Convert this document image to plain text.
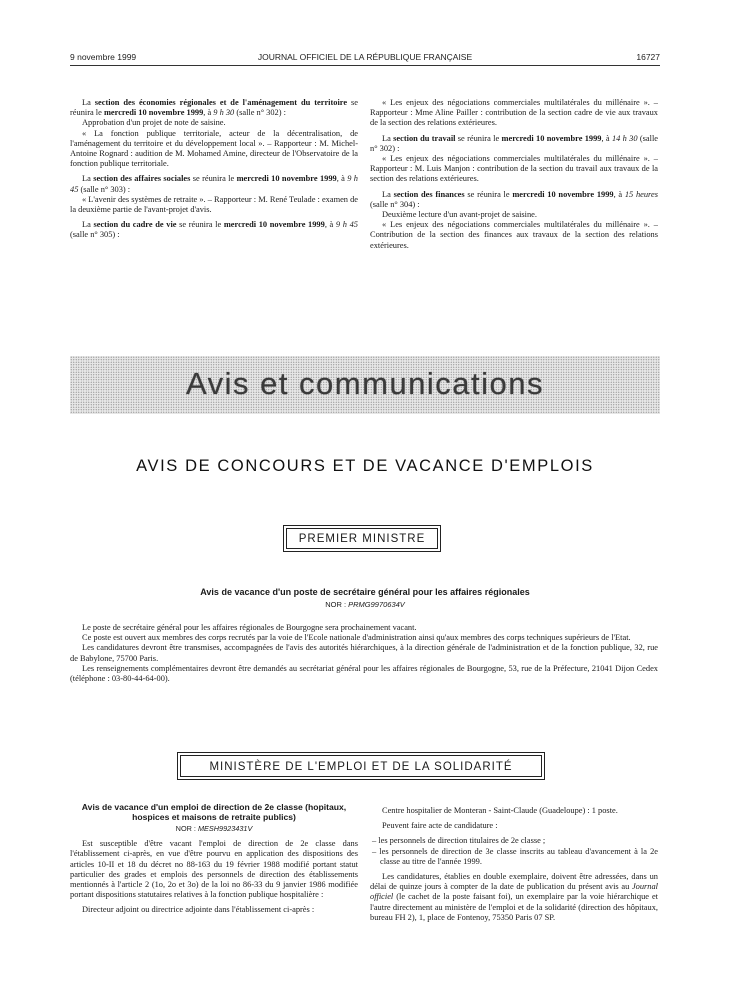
9 novembre 1999	JOURNAL OFFICIEL DE LA RÉPUBLIQUE FRANÇAISE	16727

La section des économies régionales et de l'aménagement du territoire se réunira le mercredi 10 novembre 1999, à 9 h 30 (salle n° 302) :

Approbation d'un projet de note de saisine.

« La fonction publique territoriale, acteur de la décentralisation, de l'aménagement du territoire et du développement local ». – Rapporteur : M. Michel-Antoine Rognard : audition de M. Mohamed Amine, directeur de l'Observatoire de la fonction publique territoriale.

La section des affaires sociales se réunira le mercredi 10 novembre 1999, à 9 h 45 (salle n° 303) :

« L'avenir des systèmes de retraite ». – Rapporteur : M. René Teulade : examen de la deuxième partie de l'avant-projet d'avis.

La section du cadre de vie se réunira le mercredi 10 novembre 1999, à 9 h 45 (salle n° 305) :

« Les enjeux des négociations commerciales multilatérales du millénaire ». – Rapporteur : Mme Aline Pailler : contribution de la section cadre de vie aux travaux de la section des relations extérieures.

La section du travail se réunira le mercredi 10 novembre 1999, à 14 h 30 (salle n° 302) :

« Les enjeux des négociations commerciales multilatérales du millénaire ». – Rapporteur : M. Luis Manjon : contribution de la section du travail aux travaux de la section des relations extérieures.

La section des finances se réunira le mercredi 10 novembre 1999, à 15 heures (salle n° 304) :

Deuxième lecture d'un avant-projet de saisine.

« Les enjeux des négociations commerciales multilatérales du millénaire ». – Contribution de la section des finances aux travaux de la section des relations extérieures.

Avis et communications
AVIS DE CONCOURS ET DE VACANCE D'EMPLOIS
PREMIER MINISTRE
Avis de vacance d'un poste de secrétaire général pour les affaires régionales
NOR : PRMG9970634V

Le poste de secrétaire général pour les affaires régionales de Bourgogne sera prochainement vacant.

Ce poste est ouvert aux membres des corps recrutés par la voie de l'Ecole nationale d'administration ainsi qu'aux membres des corps techniques supérieurs de l'Etat.

Les candidatures devront être transmises, accompagnées de l'avis des autorités hiérarchiques, à la direction générale de l'administration et de la fonction publique, 32, rue de Babylone, 75700 Paris.

Les renseignements complémentaires devront être demandés au secrétariat général pour les affaires régionales de Bourgogne, 53, rue de la Préfecture, 21041 Dijon Cedex (téléphone : 03-80-44-64-00).

MINISTÈRE DE L'EMPLOI ET DE LA SOLIDARITÉ
Avis de vacance d'un emploi de direction de 2e classe (hopitaux, hospices et maisons de retraite publics)
NOR : MESH9923431V

Est susceptible d'être vacant l'emploi de direction de 2e classe dans l'établissement ci-après, en vue d'être pourvu en application des dispositions des articles 10-II et 18 du décret no 88-163 du 19 février 1988 modifié portant statut particulier des grades et emplois des personnels de direction des établissements mentionnés à l'article 2 (1o, 2o et 3o) de la loi no 86-33 du 9 janvier 1986 modifiée portant dispositions statutaires relatives à la fonction publique hospitalière :

Directeur adjoint ou directrice adjointe dans l'établissement ci-après :

Centre hospitalier de Monteran - Saint-Claude (Guadeloupe) : 1 poste.

Peuvent faire acte de candidature :

– les personnels de direction titulaires de 2e classe ;

– les personnels de direction de 3e classe inscrits au tableau d'avancement à la 2e classe au titre de l'année 1999.

Les candidatures, établies en double exemplaire, doivent être adressées, dans un délai de quinze jours à compter de la date de publication du présent avis au Journal officiel (le cachet de la poste faisant foi), un exemplaire par la voie hiérarchique et l'autre directement au ministère de l'emploi et de la solidarité (direction des hôpitaux, bureau FH 2), 1, place de Fontenoy, 75350 Paris 07 SP.
